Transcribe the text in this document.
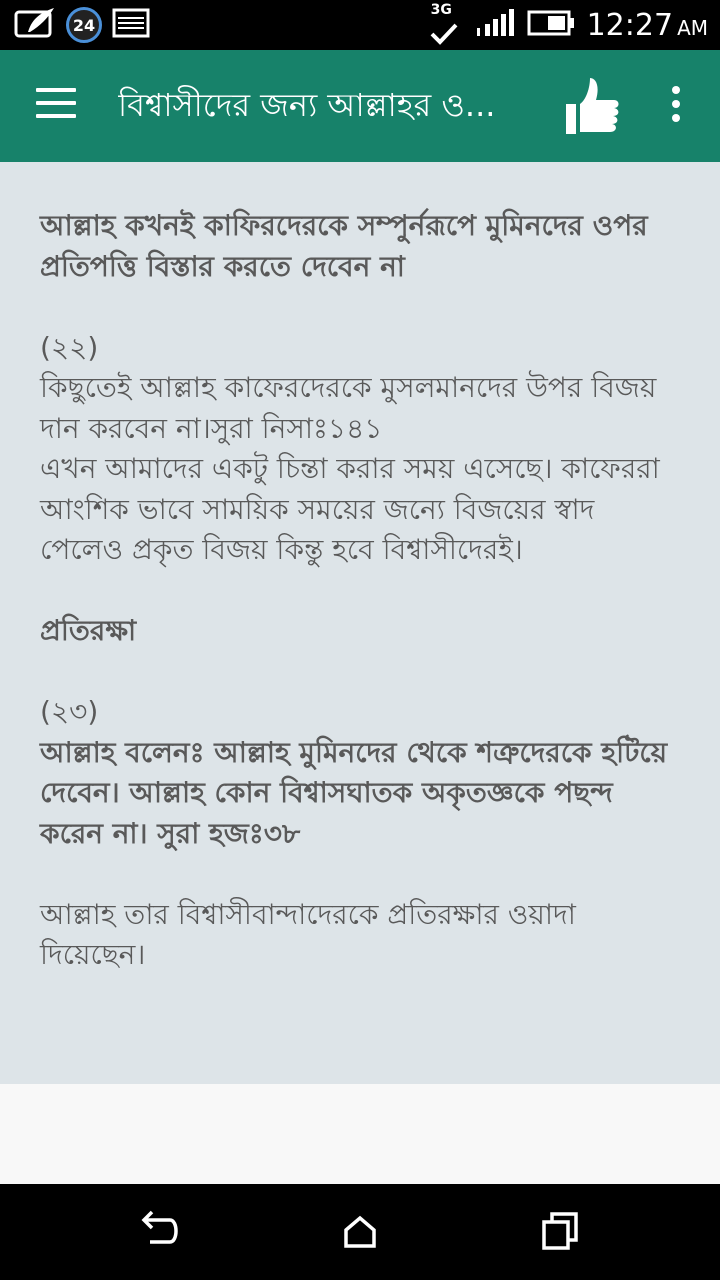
24
3G	12:27 AM
বিশ্বাসীদের জন্য আল্লাহর ও...

আল্লাহ কখনই কাফিরদেরকে সম্পুর্নরূপে মুমিনদের ওপর প্রতিপত্তি বিস্তার করতে দেবেন না

(২২)

কিছুতেই আল্লাহ কাফেরদেরকে মুসলমানদের উপর বিজয় দান করবেন না।সুরা নিসাঃ১৪১

এখন আমাদের একটু চিন্তা করার সময় এসেছে। কাফেররা আংশিক ভাবে সাময়িক সময়ের জন্যে বিজয়ের স্বাদ পেলেও প্রকৃত বিজয় কিন্তু হবে বিশ্বাসীদেরই।

প্রতিরক্ষা

(২৩)

আল্লাহ বলেনঃ আল্লাহ মুমিনদের থেকে শত্রুদেরকে হটিয়ে দেবেন। আল্লাহ কোন বিশ্বাসঘাতক অকৃতজ্ঞকে পছন্দ করেন না। সুরা হজঃ৩৮

আল্লাহ তার বিশ্বাসীবান্দাদেরকে প্রতিরক্ষার ওয়াদা দিয়েছেন।
